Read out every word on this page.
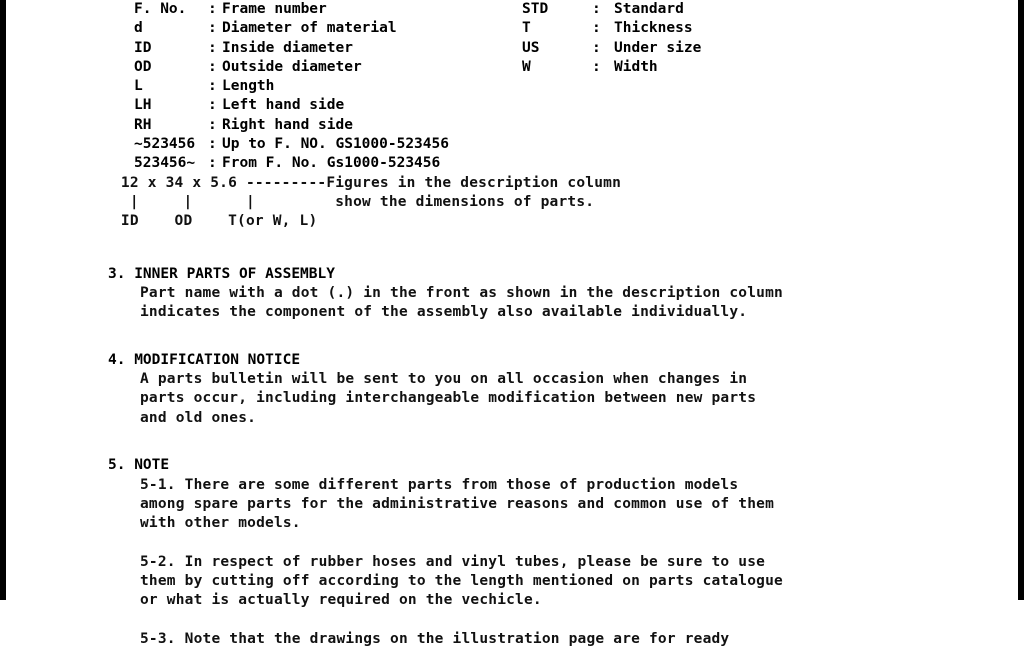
F. No.	: Frame number	STD	: Standard
d	: Diameter of material	T	: Thickness
ID	: Inside diameter	US	: Under size
OD	: Outside diameter	W	: Width
L	: Length
LH	: Left hand side
RH	: Right hand side
~523456 : Up to F. NO. GS1000-523456
523456~ : From F. No. Gs1000-523456
12 x 34 x 5.6 ---------Figures in the description column
|     |      |         show the dimensions of parts.
ID    OD    T(or W, L)
3. INNER PARTS OF ASSEMBLY
Part name with a dot (.) in the front as shown in the description column
indicates the component of the assembly also available individually.
4. MODIFICATION NOTICE
A parts bulletin will be sent to you on all occasion when changes in
parts occur, including interchangeable modification between new parts
and old ones.
5. NOTE
5-1. There are some different parts from those of production models
among spare parts for the administrative reasons and common use of them
with other models.
5-2. In respect of rubber hoses and vinyl tubes, please be sure to use
them by cutting off according to the length mentioned on parts catalogue
or what is actually required on the vechicle.
5-3. Note that the drawings on the illustration page are for ready
